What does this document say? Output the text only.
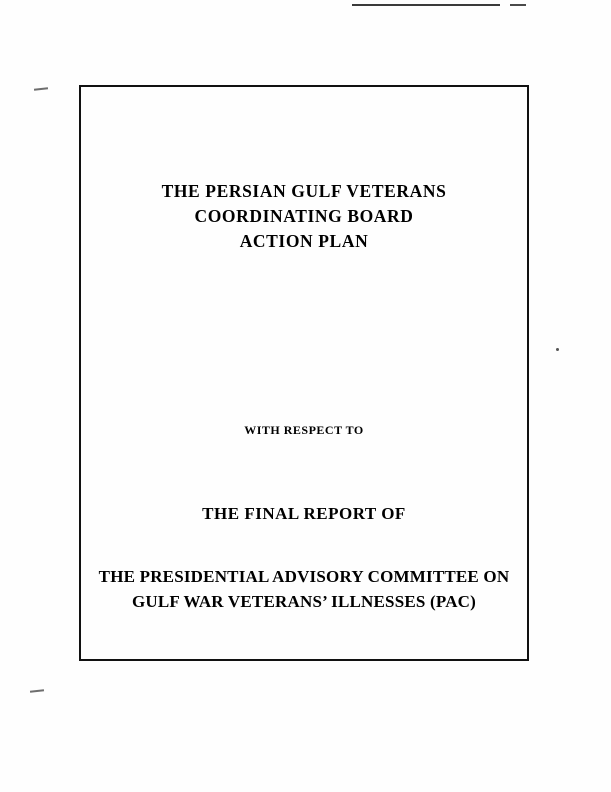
THE PERSIAN GULF VETERANS
COORDINATING BOARD
ACTION PLAN
WITH RESPECT TO
THE FINAL REPORT OF
THE PRESIDENTIAL ADVISORY COMMITTEE ON
GULF WAR VETERANS’ ILLNESSES (PAC)
